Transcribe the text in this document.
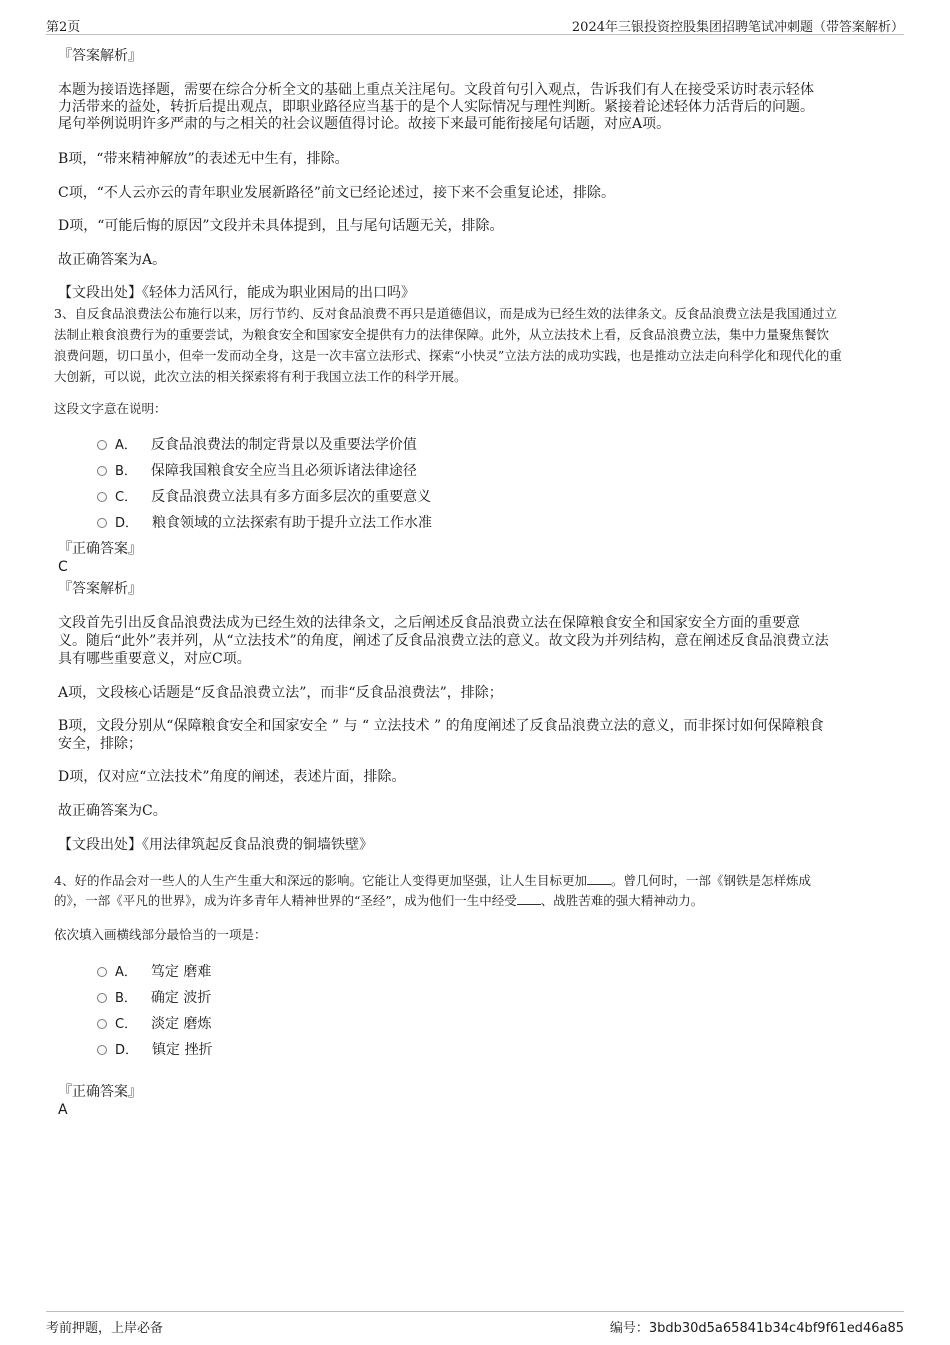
第2页	2024年三银投资控股集团招聘笔试冲刺题（带答案解析）
『答案解析』
本题为接语选择题，需要在综合分析全文的基础上重点关注尾句。文段首句引入观点，告诉我们有人在接受采访时表示轻体
力活带来的益处，转折后提出观点，即职业路径应当基于的是个人实际情况与理性判断。紧接着论述轻体力活背后的问题。
尾句举例说明许多严肃的与之相关的社会议题值得讨论。故接下来最可能衔接尾句话题，对应A项。
B项，“带来精神解放”的表述无中生有，排除。
C项，“不人云亦云的青年职业发展新路径”前文已经论述过，接下来不会重复论述，排除。
D项，“可能后悔的原因”文段并未具体提到，且与尾句话题无关，排除。
故正确答案为A。
【文段出处】《轻体力活风行，能成为职业困局的出口吗》
3、自反食品浪费法公布施行以来，厉行节约、反对食品浪费不再只是道德倡议，而是成为已经生效的法律条文。反食品浪费立法是我国通过立
法制止粮食浪费行为的重要尝试，为粮食安全和国家安全提供有力的法律保障。此外，从立法技术上看，反食品浪费立法，集中力量聚焦餐饮
浪费问题，切口虽小，但牵一发而动全身，这是一次丰富立法形式、探索“小快灵”立法方法的成功实践，也是推动立法走向科学化和现代化的重
大创新，可以说，此次立法的相关探索将有利于我国立法工作的科学开展。
这段文字意在说明：
A． 反食品浪费法的制定背景以及重要法学价值
B． 保障我国粮食安全应当且必须诉诸法律途径
C． 反食品浪费立法具有多方面多层次的重要意义
D． 粮食领域的立法探索有助于提升立法工作水准
『正确答案』
C
『答案解析』
文段首先引出反食品浪费法成为已经生效的法律条文，之后阐述反食品浪费立法在保障粮食安全和国家安全方面的重要意
义。随后“此外”表并列，从“立法技术”的角度，阐述了反食品浪费立法的意义。故文段为并列结构，意在阐述反食品浪费立法
具有哪些重要意义，对应C项。
A项，文段核心话题是“反食品浪费立法”，而非“反食品浪费法”，排除；
B项，文段分别从“保障粮食安全和国家安全 ” 与 “ 立法技术 ” 的角度阐述了反食品浪费立法的意义，而非探讨如何保障粮食
安全，排除；
D项，仅对应“立法技术”角度的阐述，表述片面，排除。
故正确答案为C。
【文段出处】《用法律筑起反食品浪费的铜墙铁壁》
4、好的作品会对一些人的人生产生重大和深远的影响。它能让人变得更加坚强，让人生目标更加 。曾几何时，一部《钢铁是怎样炼成
的》，一部《平凡的世界》，成为许多青年人精神世界的“圣经”，成为他们一生中经受 、战胜苦难的强大精神动力。
依次填入画横线部分最恰当的一项是：
A． 笃定 磨难
B． 确定 波折
C． 淡定 磨炼
D． 镇定 挫折
『正确答案』
A
考前押题，上岸必备	编号：3bdb30d5a65841b34c4bf9f61ed46a85
